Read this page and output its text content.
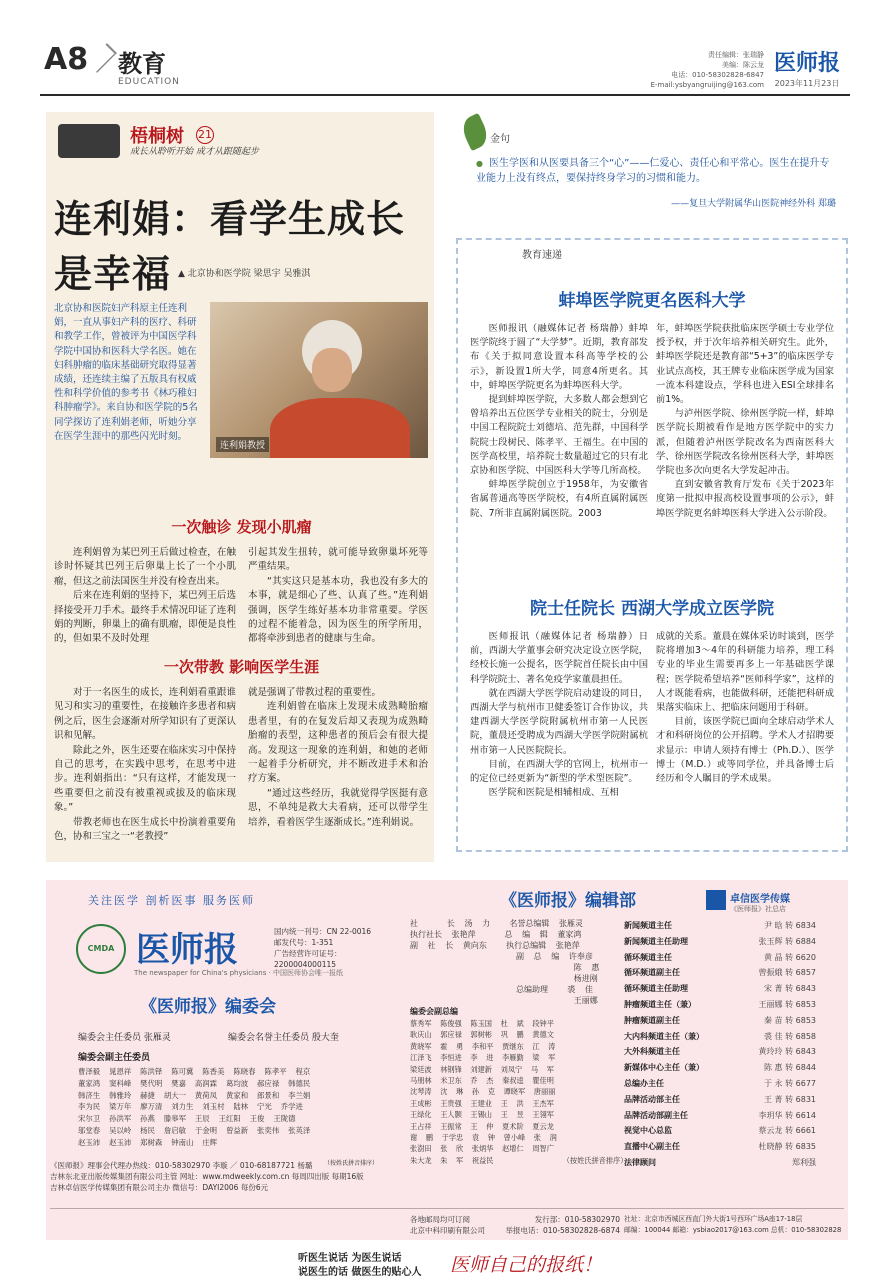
A8 教育
EDUCATION
责任编辑：张瑞静
美编：陈云龙
电话：010-58302828-6847
E-mail:ysbyangruijing@163.com
医师报
2023年11月23日
梧桐树 21
成长从聆听开始 成才从跟随起步
连利娟：看学生成长是幸福 ▲ 北京协和医学院 梁思宇 吴雅淇
北京协和医院妇产科原主任连利娟，一直从事妇产科的医疗、科研和教学工作，曾被评为中国医学科学院中国协和医科大学名医。她在妇科肿瘤的临床基础研究取得显著成绩，还连续主编了五版具有权威性和科学价值的参考书《林巧稚妇科肿瘤学》。来自协和医学院的5名同学探访了连利娟老师，听她分享在医学生涯中的那些闪光时刻。
连利娟教授
一次触诊 发现小肌瘤

连利娟曾为某巴列王后做过检查，在触诊时怀疑其巴列王后卵巢上长了一个小肌瘤，但这之前法国医生并没有检查出来。

后来在连利娟的坚持下，某巴列王后选择接受开刀手术。最终手术情况印证了连利娟的判断，卵巢上的确有肌瘤，即便是良性的，但如果不及时处理

引起其发生扭转，就可能导致卵巢坏死等严重结果。

“其实这只是基本功，我也没有多大的本事，就是细心了些、认真了些。”连利娟强调，医学生练好基本功非常重要。学医的过程不能着急，因为医生的所学所用，都将牵涉到患者的健康与生命。

一次带教 影响医学生涯

对于一名医生的成长，连利娟看重跟谁见习和实习的重要性，在接触许多患者和病例之后，医生会逐渐对所学知识有了更深认识和见解。

除此之外，医生还要在临床实习中保持自己的思考，在实践中思考，在思考中进步。连利娟指出：“只有这样，才能发现一些重要但之前没有被重视或拔及的临床现象。”

带教老师也在医生成长中扮演着重要角色，协和三宝之一“老教授”

就是强调了带教过程的重要性。

连利娟曾在临床上发现未成熟畸胎瘤患者里，有的在复发后却又表现为成熟畸胎瘤的表型，这种患者的预后会有很大提高。发现这一现象的连利娟，和她的老师一起着手分析研究，并不断改进手术和治疗方案。

“通过这些经历，我就觉得学医挺有意思，不单纯是救大夫看病，还可以带学生培养，看着医学生逐渐成长。”连利娟说。

金句
● 医生学医和从医要具备三个“心”——仁爱心、责任心和平常心。医生在提升专业能力上没有终点，要保持终身学习的习惯和能力。
——复旦大学附属华山医院神经外科 郑璐
教育速递
蚌埠医学院更名医科大学

医师报讯（融媒体记者 杨瑞静）蚌埠医学院终于圆了“大学梦”。近期，教育部发布《关于拟同意设置本科高等学校的公示》，新设置1所大学，同意4所更名。其中，蚌埠医学院更名为蚌埠医科大学。

提到蚌埠医学院，大多数人都会想到它曾培养出五位医学专业相关的院士，分别是中国工程院院士刘德培、范先群，中国科学院院士段树民、陈孝平、王福生。在中国的医学高校里，培养院士数量超过它的只有北京协和医学院、中国医科大学等几所高校。

蚌埠医学院创立于1958年，为安徽省省属普通高等医学院校，有4所直属附属医院、7所非直属附属医院。2003

年，蚌埠医学院获批临床医学硕士专业学位授予权，并于次年培养相关研究生。此外，蚌埠医学院还是教育部“5+3”的临床医学专业试点高校，其王牌专业临床医学成为国家一流本科建设点，学科也进入ESI全球排名前1%。

与泸州医学院、徐州医学院一样，蚌埠医学院长期被看作是地方医学院中的实力派，但随着泸州医学院改名为西南医科大学、徐州医学院改名徐州医科大学，蚌埠医学院也多次向更名大学发起冲击。

直到安徽省教育厅发布《关于2023年度第一批拟申报高校设置事项的公示》，蚌埠医学院更名蚌埠医科大学进入公示阶段。

院士任院长 西湖大学成立医学院

医师报讯（融媒体记者 杨瑞静）日前，西湖大学董事会研究决定设立医学院，经校长施一公提名，医学院首任院长由中国科学院院士、著名免疫学家董晨担任。

就在西湖大学医学院启动建设的同日，西湖大学与杭州市卫健委签订合作协议，共建西湖大学医学院附属杭州市第一人民医院，董晨还受聘成为西湖大学医学院附属杭州市第一人民医院院长。

目前，在西湖大学的官网上，杭州市一的定位已经更新为“新型的学术型医院”。

医学院和医院是相辅相成、互相

成就的关系。董晨在媒体采访时谈到，医学院将增加3～4年的科研能力培养，理工科专业的毕业生需要再多上一年基础医学课程；医学院希望培养“医师科学家”，这样的人才既能看病，也能做科研，还能把科研成果落实临床上、把临床问题用于科研。

目前，该医学院已面向全球启动学术人才和科研岗位的公开招聘。学术人才招聘要求显示：申请人须持有博士（Ph.D.）、医学博士（M.D.）或等同学位，并具备博士后经历和令人瞩目的学术成果。

关注医学 剖析医事 服务医师
CMDA 医师报
The newspaper for China's physicians · 中国医师协会唯一报纸
国内统一刊号：CN 22-0016
邮发代号：1-351
广告经营许可证号：
2200004000115
《医师报》编委会
编委会主任委员 张雁灵	编委会名誉主任委员 殷大奎
编委会副主任委员
曹泽毅  晁恩祥  陈洪铎  陈可冀  陈香美  陈晓春  陈孝平  程京
董家鸿  窦科峰  樊代明  樊嘉  高润霖  葛均波  郝应禄  韩德民
韩济生  韩雅玲  赫捷  胡大一  黄荷凤  黄家和  郎景和  李兰娟
李为民  梁万年  廖万清  刘力生  刘玉村  陆林  宁光  乔学进
宋尔卫  孙洪军  孙燕  滕皋军  王辰  王红阳  王俊  王陇德
邬堂春  吴以岭  杨民  詹启敏  于金明  曾益新  张奕伟  张英泽
赵玉沛  赵玉沛  郑树森  钟南山  庄辉
（按姓氏拼音排序）
《医师报》编辑部
社      长  汤  力    名誉总编辑  张雁灵
执行社长  张艳萍      总  编  辑  董家鸿
副  社  长  黄向东    执行总编辑  张艳萍
副  总  编  许奉彦
陈  惠
杨进刚
总编助理    裘  佳
王丽娜
编委会副总编
蔡秀军  陈俊强  陈玉国  杜  斌  段钟平
耿庆山  郭应禄  郭树彬  巩  鹏  黄德文
黄晓军  霍  勇  李和平  贾继东  江  涛
江泽飞  李恒进  李  进  李雁勤  梁  军
梁廷波  林钢锋  刘建新  刘凤宁  马  军
马朋林  米卫东  乔  杰  秦叔逵  瞿佳明
沈琴涛  沈  琳  孙  克  谭晓军  唐丽丽
王成彬  王贵强  王建业  王  洪  王杰军
王绿化  王人颢  王锡山  王  昱  王翎军
王占祥  王振常  王  仲  夏术阶  夏云龙
谢  鹏  于学忠  袁  钟  曾小峰  张  润
张澍田  张  欣  张炳华  赵增仁  周智广
朱大龙  朱  军  祝益民                （按姓氏拼音排序）
卓信医学传媒
《医师报》社总店
新闻频道主任	尹 晗 转 6834
新闻频道主任助理	张玉辉 转 6884
循环频道主任	黄 晶 转 6620
循环频道副主任	曾振娥 转 6857
循环频道主任助理	宋 菁 转 6843
肿瘤频道主任（兼）	王丽娜 转 6853
肿瘤频道副主任	秦 苗 转 6853
大内科频道主任（兼）	裘 佳 转 6858
大外科频道主任	黄玲玲 转 6843
新媒体中心主任（兼）	陈 惠 转 6844
总编办主任	于 永 转 6677
品牌活动部主任	王 菁 转 6831
品牌活动部副主任	李玥华 转 6614
视觉中心总监	蔡云龙 转 6661
直播中心副主任	杜晓静 转 6835
法律顾问	郑利强
《医师报》理事会代理办热线：010-58302970 李璇 ／ 010-68187721 杨璐
吉林东北亚出版传媒集团有限公司主管 网址：www.mdweekly.com.cn 每周四出版 每期16版
吉林卓信医学传媒集团有限公司主办 微信号：DAYI2006 每份6元
各地邮局均可订阅	发行部：010-58302970
北京中科印刷有限公司	举报电话：010-58302828-6874
社址：北京市西城区西直门外大街1号西环广场A座17-18层
邮编：100044 邮箱：ysbiao2017@163.com 总机：010-58302828
听医生说话 为医生说话
说医生的话 做医生的贴心人	医师自己的报纸！
